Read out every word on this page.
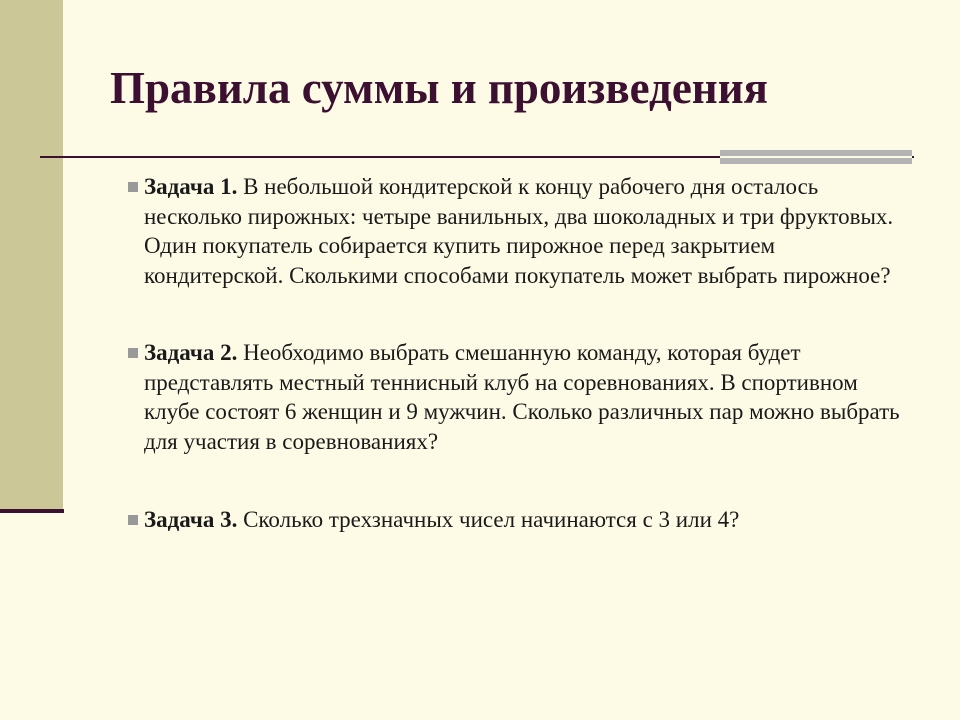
Правила суммы и произведения
Задача 1. В небольшой кондитерской к концу рабочего дня осталось несколько пирожных: четыре ванильных, два шоколадных и три фруктовых. Один покупатель собирается купить пирожное перед закрытием кондитерской. Сколькими способами покупатель может выбрать пирожное?
Задача 2. Необходимо выбрать смешанную команду, которая будет представлять местный теннисный клуб на соревнованиях. В спортивном клубе состоят 6 женщин и 9 мужчин. Сколько различных пар можно выбрать для участия в соревнованиях?
Задача 3. Сколько трехзначных чисел начинаются с 3 или 4?
